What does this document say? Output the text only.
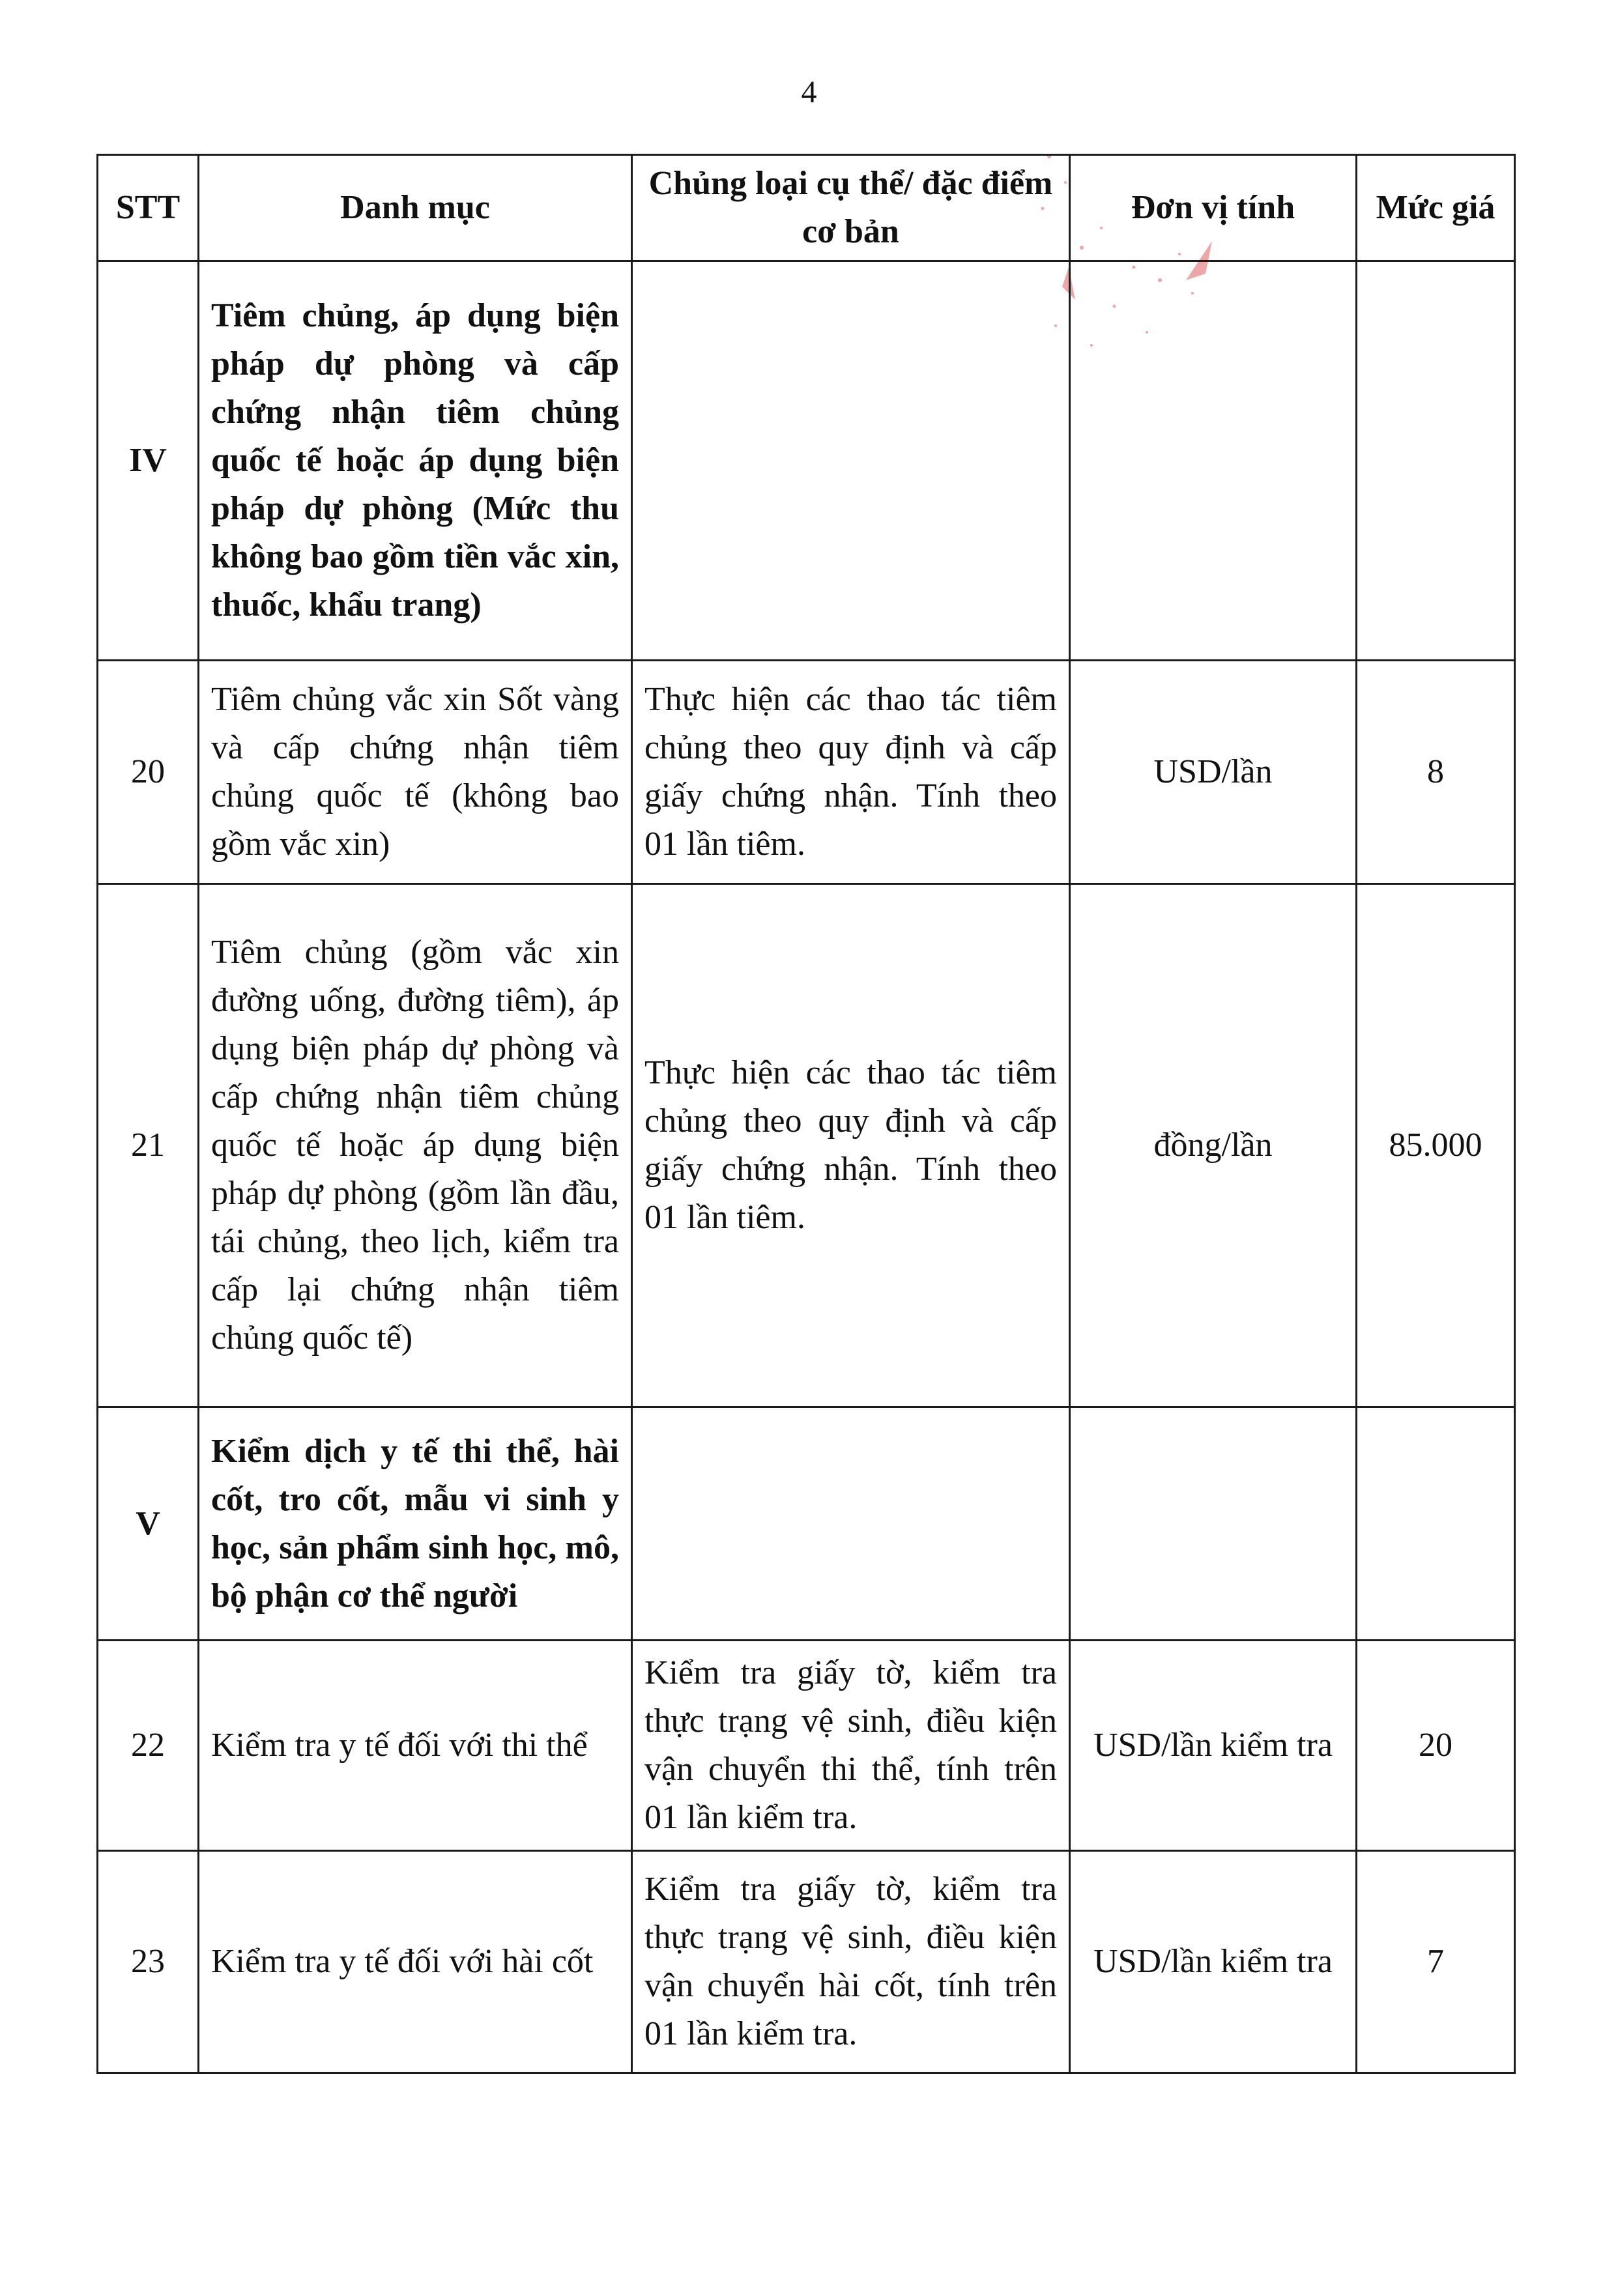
4
STT	Danh mục	Chủng loại cụ thể/ đặc điểm cơ bản	Đơn vị tính	Mức giá
IV	Tiêm chủng, áp dụng biện pháp dự phòng và cấp chứng nhận tiêm chủng quốc tế hoặc áp dụng biện pháp dự phòng (Mức thu không bao gồm tiền vắc xin, thuốc, khẩu trang)			
20	Tiêm chủng vắc xin Sốt vàng và cấp chứng nhận tiêm chủng quốc tế (không bao gồm vắc xin)	Thực hiện các thao tác tiêm chủng theo quy định và cấp giấy chứng nhận. Tính theo 01 lần tiêm.	USD/lần	8
21	Tiêm chủng (gồm vắc xin đường uống, đường tiêm), áp dụng biện pháp dự phòng và cấp chứng nhận tiêm chủng quốc tế hoặc áp dụng biện pháp dự phòng (gồm lần đầu, tái chủng, theo lịch, kiểm tra cấp lại chứng nhận tiêm chủng quốc tế)	Thực hiện các thao tác tiêm chủng theo quy định và cấp giấy chứng nhận. Tính theo 01 lần tiêm.	đồng/lần	85.000
V	Kiểm dịch y tế thi thể, hài cốt, tro cốt, mẫu vi sinh y học, sản phẩm sinh học, mô, bộ phận cơ thể người			
22	Kiểm tra y tế đối với thi thể	Kiểm tra giấy tờ, kiểm tra thực trạng vệ sinh, điều kiện vận chuyển thi thể, tính trên 01 lần kiểm tra.	USD/lần kiểm tra	20
23	Kiểm tra y tế đối với hài cốt	Kiểm tra giấy tờ, kiểm tra thực trạng vệ sinh, điều kiện vận chuyển hài cốt, tính trên 01 lần kiểm tra.	USD/lần kiểm tra	7
